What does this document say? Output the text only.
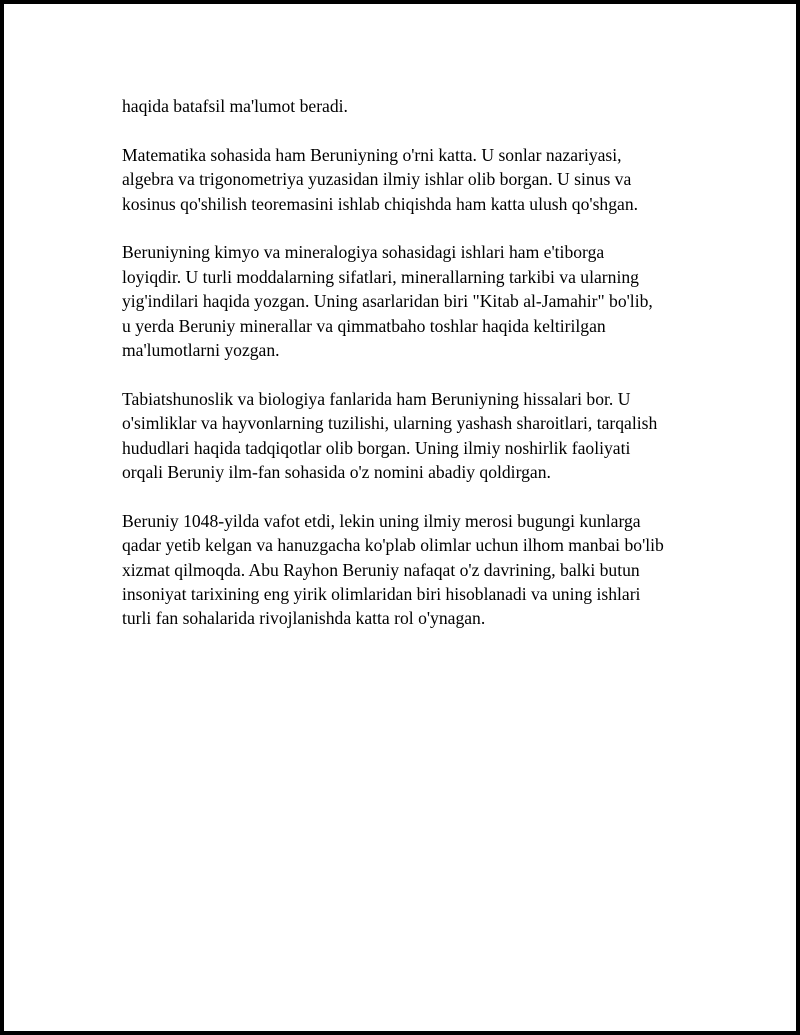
haqida batafsil ma'lumot beradi.

Matematika sohasida ham Beruniyning o'rni katta. U sonlar nazariyasi,
algebra va trigonometriya yuzasidan ilmiy ishlar olib borgan. U sinus va
kosinus qo'shilish teoremasini ishlab chiqishda ham katta ulush qo'shgan.

Beruniyning kimyo va mineralogiya sohasidagi ishlari ham e'tiborga
loyiqdir. U turli moddalarning sifatlari, minerallarning tarkibi va ularning
yig'indilari haqida yozgan. Uning asarlaridan biri "Kitab al-Jamahir" bo'lib,
u yerda Beruniy minerallar va qimmatbaho toshlar haqida keltirilgan
ma'lumotlarni yozgan.

Tabiatshunoslik va biologiya fanlarida ham Beruniyning hissalari bor. U
o'simliklar va hayvonlarning tuzilishi, ularning yashash sharoitlari, tarqalish
hududlari haqida tadqiqotlar olib borgan. Uning ilmiy noshirlik faoliyati
orqali Beruniy ilm-fan sohasida o'z nomini abadiy qoldirgan.

Beruniy 1048-yilda vafot etdi, lekin uning ilmiy merosi bugungi kunlarga
qadar yetib kelgan va hanuzgacha ko'plab olimlar uchun ilhom manbai bo'lib
xizmat qilmoqda. Abu Rayhon Beruniy nafaqat o'z davrining, balki butun
insoniyat tarixining eng yirik olimlaridan biri hisoblanadi va uning ishlari
turli fan sohalarida rivojlanishda katta rol o'ynagan.
